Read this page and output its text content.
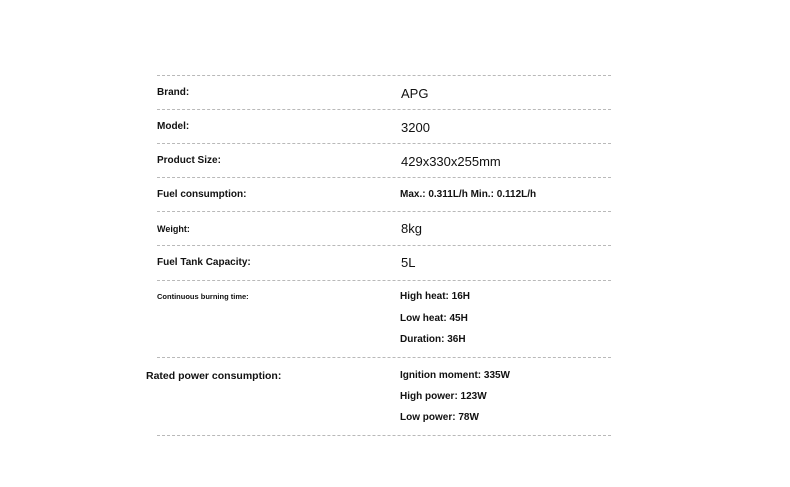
Brand:	APG
Model:	3200
Product Size:	429x330x255mm
Fuel consumption:	Max.: 0.311L/h Min.: 0.112L/h
Weight:	8kg
Fuel Tank Capacity:	5L
Continuous burning time:	High heat: 16H
Low heat: 45H
Duration: 36H
Rated power consumption:	Ignition moment: 335W
High power: 123W
Low power: 78W
